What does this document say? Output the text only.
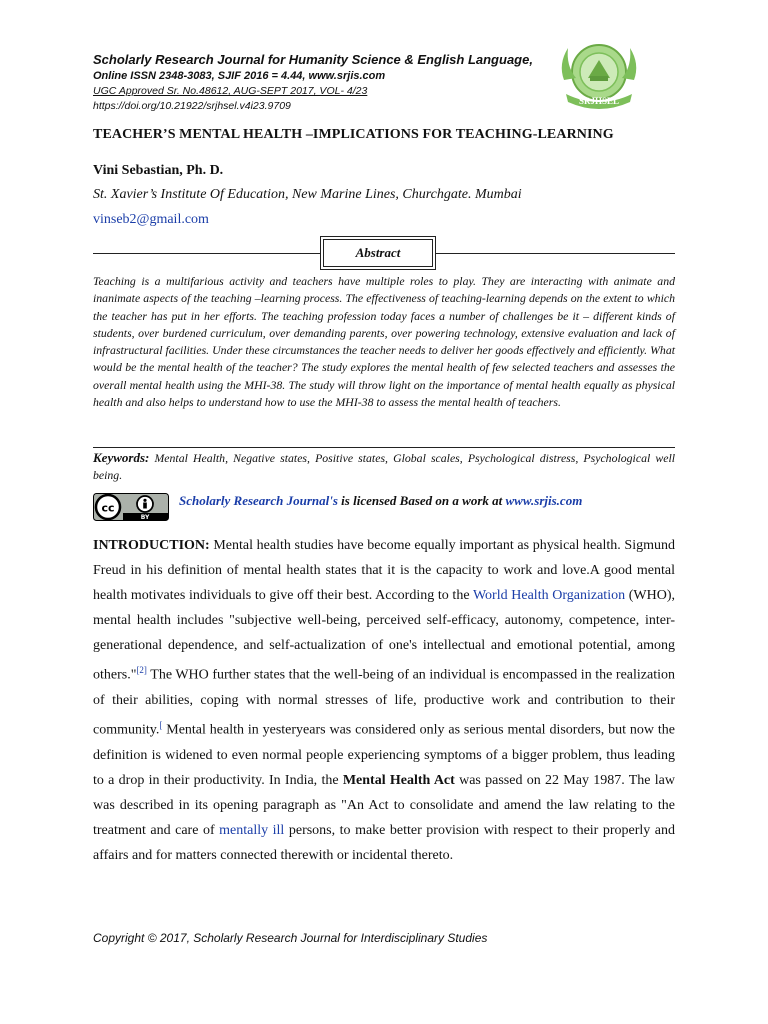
Scholarly Research Journal for Humanity Science & English Language,
Online ISSN 2348-3083, SJIF 2016 = 4.44, www.srjis.com
UGC Approved Sr. No.48612, AUG-SEPT 2017, VOL- 4/23
https://doi.org/10.21922/srjhsel.v4i23.9709	SRJHSEL
TEACHER’S MENTAL HEALTH –IMPLICATIONS FOR TEACHING-LEARNING
Vini Sebastian, Ph. D.
St. Xavier’s Institute Of Education, New Marine Lines, Churchgate. Mumbai
vinseb2@gmail.com
Abstract
Teaching is a multifarious activity and teachers have multiple roles to play. They are interacting with animate and inanimate aspects of the teaching –learning process. The effectiveness of teaching-learning depends on the extent to which the teacher has put in her efforts. The teaching profession today faces a number of challenges be it – different kinds of students, over burdened curriculum, over demanding parents, over powering technology, extensive evaluation and lack of infrastructural facilities. Under these circumstances the teacher needs to deliver her goods effectively and efficiently. What would be the mental health of the teacher? The study explores the mental health of few selected teachers and assesses the overall mental health using the MHI-38. The study will throw light on the importance of mental health equally as physical health and also helps to understand how to use the MHI-38 to assess the mental health of teachers.
Keywords: Mental Health, Negative states, Positive states, Global scales, Psychological distress, Psychological well being.
cc
BY
Scholarly Research Journal's is licensed Based on a work at www.srjis.com
INTRODUCTION: Mental health studies have become equally important as physical health. Sigmund Freud in his definition of mental health states that it is the capacity to work and love.A good mental health motivates individuals to give off their best. According to the World Health Organization (WHO), mental health includes "subjective well-being, perceived self-efficacy, autonomy, competence, inter-generational dependence, and self-actualization of one's intellectual and emotional potential, among others."[2] The WHO further states that the well-being of an individual is encompassed in the realization of their abilities, coping with normal stresses of life, productive work and contribution to their community.[ Mental health in yesteryears was considered only as serious mental disorders, but now the definition is widened to even normal people experiencing symptoms of a bigger problem, thus leading to a drop in their productivity. In India, the Mental Health Act was passed on 22 May 1987. The law was described in its opening paragraph as "An Act to consolidate and amend the law relating to the treatment and care of mentally ill persons, to make better provision with respect to their properly and affairs and for matters connected therewith or incidental thereto.
Copyright © 2017, Scholarly Research Journal for Interdisciplinary Studies
